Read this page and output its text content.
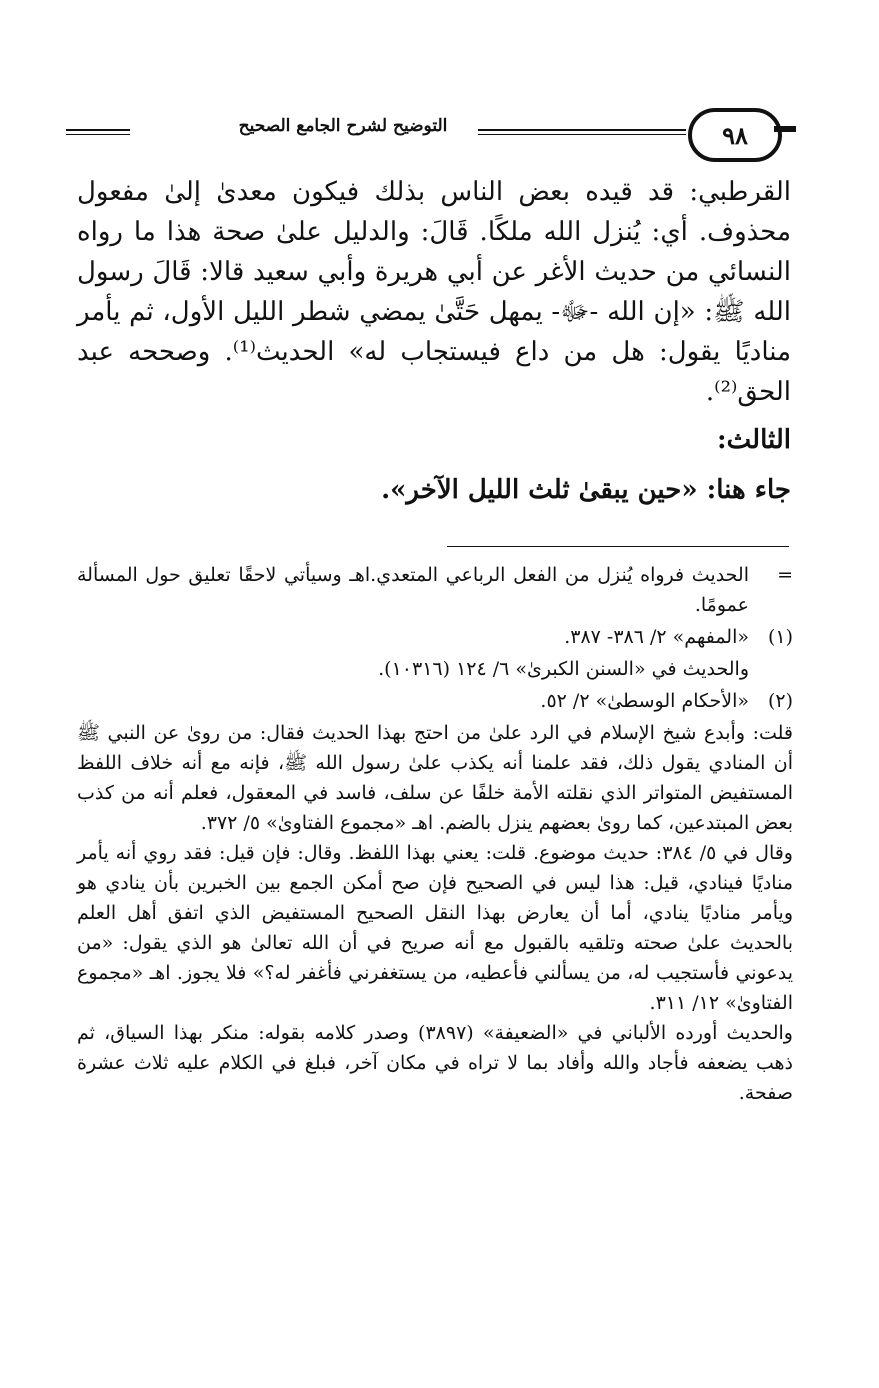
التوضيح لشرح الجامع الصحيح	٩٨

القرطبي: قد قيده بعض الناس بذلك فيكون معدىٰ إلىٰ مفعول محذوف. أي: يُنزل الله ملكًا. قَالَ: والدليل علىٰ صحة هذا ما رواه النسائي من حديث الأغر عن أبي هريرة وأبي سعيد قالا: قَالَ رسول الله ﷺ: «إن الله -ﷻ- يمهل حَتَّىٰ يمضي شطر الليل الأول، ثم يأمر مناديًا يقول: هل من داع فيستجاب له» الحديث⁽¹⁾. وصححه عبد الحق⁽²⁾.

الثالث:

جاء هنا: «حين يبقىٰ ثلث الليل الآخر».

=

الحديث فرواه يُنزل من الفعل الرباعي المتعدي.اهـ وسيأتي لاحقًا تعليق حول المسألة عمومًا.

(١)

«المفهم» ٢/ ٣٨٦- ٣٨٧.

والحديث في «السنن الكبرىٰ» ٦/ ١٢٤ (١٠٣١٦).

(٢)

«الأحكام الوسطىٰ» ٢/ ٥٢.

قلت: وأبدع شيخ الإسلام في الرد علىٰ من احتج بهذا الحديث فقال: من روىٰ عن النبي ﷺ أن المنادي يقول ذلك، فقد علمنا أنه يكذب علىٰ رسول الله ﷺ، فإنه مع أنه خلاف اللفظ المستفيض المتواتر الذي نقلته الأمة خلفًا عن سلف، فاسد في المعقول، فعلم أنه من كذب بعض المبتدعين، كما روىٰ بعضهم ينزل بالضم. اهـ «مجموع الفتاوىٰ» ٥/ ٣٧٢.

وقال في ٥/ ٣٨٤: حديث موضوع. قلت: يعني بهذا اللفظ. وقال: فإن قيل: فقد روي أنه يأمر مناديًا فينادي، قيل: هذا ليس في الصحيح فإن صح أمكن الجمع بين الخبرين بأن ينادي هو ويأمر مناديًا ينادي، أما أن يعارض بهذا النقل الصحيح المستفيض الذي اتفق أهل العلم بالحديث علىٰ صحته وتلقيه بالقبول مع أنه صريح في أن الله تعالىٰ هو الذي يقول: «من يدعوني فأستجيب له، من يسألني فأعطيه، من يستغفرني فأغفر له؟» فلا يجوز. اهـ «مجموع الفتاوىٰ» ١٢/ ٣١١.

والحديث أورده الألباني في «الضعيفة» (٣٨٩٧) وصدر كلامه بقوله: منكر بهذا السياق، ثم ذهب يضعفه فأجاد والله وأفاد بما لا تراه في مكان آخر، فبلغ في الكلام عليه ثلاث عشرة صفحة.
